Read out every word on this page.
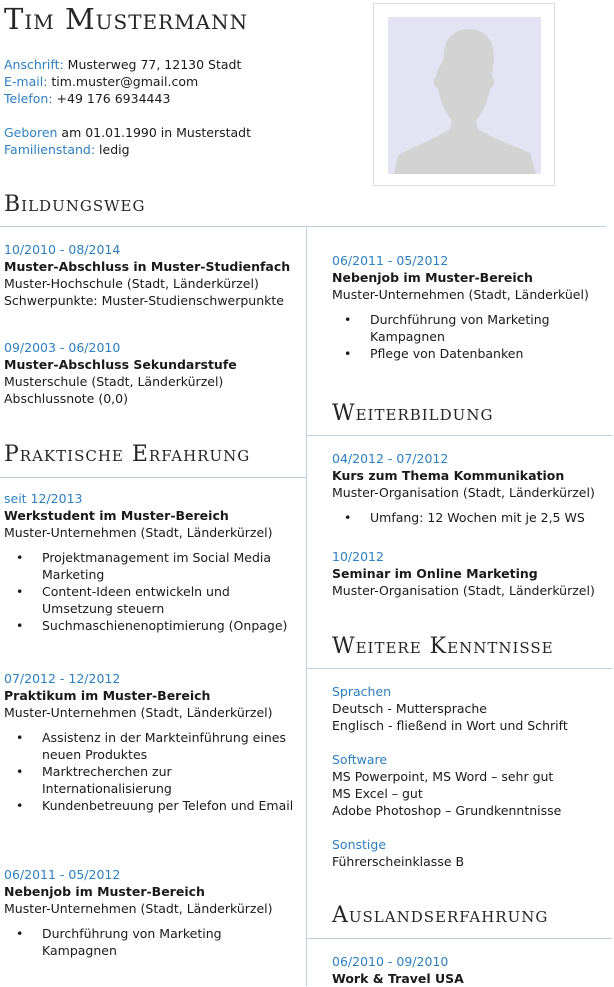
Tim Mustermann
Anschrift: Musterweg 77, 12130 Stadt
E-mail: tim.muster@gmail.com
Telefon: +49 176 6934443
Geboren am 01.01.1990 in Musterstadt
Familienstand: ledig
Bildungsweg
10/2010 - 08/2014
Muster-Abschluss in Muster-Studienfach
Muster-Hochschule (Stadt, Länderkürzel)
Schwerpunkte: Muster-Studienschwerpunkte
09/2003 - 06/2010
Muster-Abschluss Sekundarstufe
Musterschule (Stadt, Länderkürzel)
Abschlussnote (0,0)
Praktische Erfahrung
seit 12/2013
Werkstudent im Muster-Bereich
Muster-Unternehmen (Stadt, Länderkürzel)
• Projektmanagement im Social Media Marketing
• Content-Ideen entwickeln und Umsetzung steuern
• Suchmaschienenoptimierung (Onpage)
07/2012 - 12/2012
Praktikum im Muster-Bereich
Muster-Unternehmen (Stadt, Länderkürzel)
• Assistenz in der Markteinführung eines neuen Produktes
• Marktrecherchen zur Internationalisierung
• Kundenbetreuung per Telefon und Email
06/2011 - 05/2012
Nebenjob im Muster-Bereich
Muster-Unternehmen (Stadt, Länderkürzel)
• Durchführung von Marketing Kampagnen
06/2011 - 05/2012
Nebenjob im Muster-Bereich
Muster-Unternehmen (Stadt, Länderküel)
• Durchführung von Marketing Kampagnen
• Pflege von Datenbanken
Weiterbildung
04/2012 - 07/2012
Kurs zum Thema Kommunikation
Muster-Organisation (Stadt, Länderkürzel)
• Umfang: 12 Wochen mit je 2,5 WS
10/2012
Seminar im Online Marketing
Muster-Organisation (Stadt, Länderkürzel)
Weitere Kenntnisse
Sprachen
Deutsch - Muttersprache
Englisch - fließend in Wort und Schrift
Software
MS Powerpoint, MS Word – sehr gut
MS Excel – gut
Adobe Photoshop – Grundkenntnisse
Sonstige
Führerscheinklasse B
Auslandserfahrung
06/2010 - 09/2010
Work & Travel USA
